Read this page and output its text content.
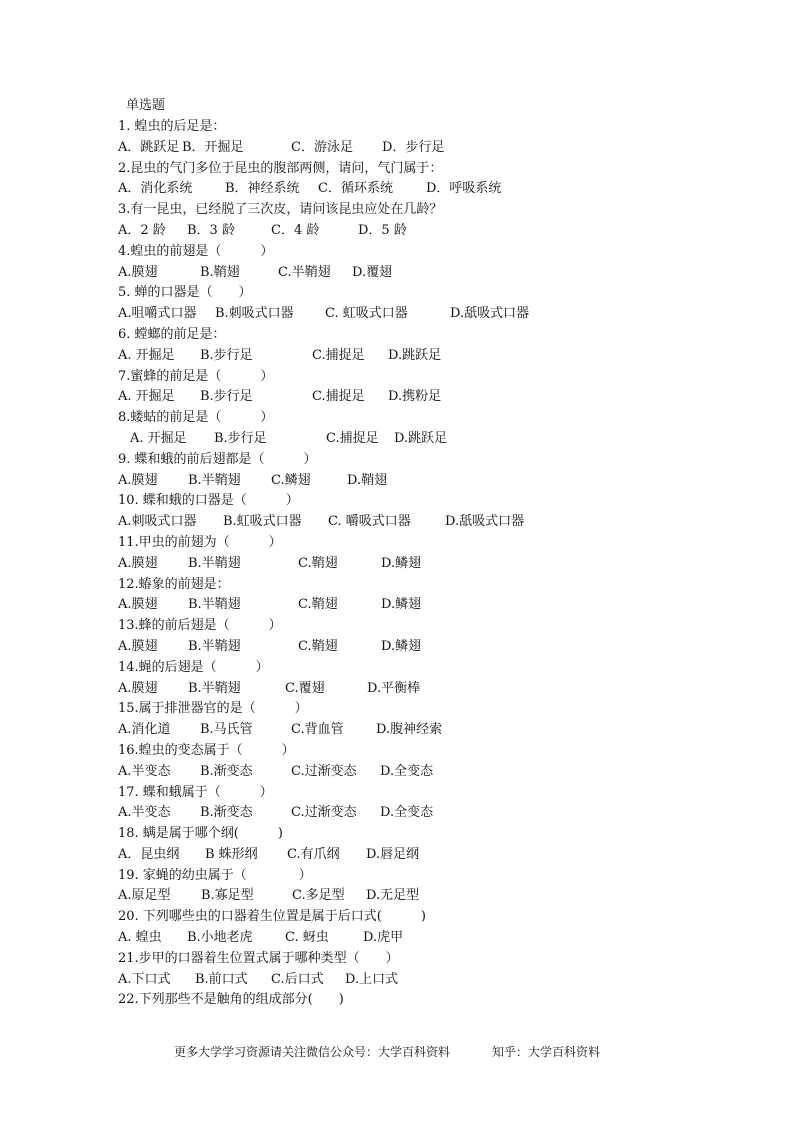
单选题
1. 蝗虫的后足是：
A．跳跃足 B．开掘足	C．游泳足 D．步行足
2.昆虫的气门多位于昆虫的腹部两侧，请问，气门属于：
A．消化系统	B．神经系统 C．循环系统	D．呼吸系统
3.有一昆虫，已经脱了三次皮，请问该昆虫应处在几龄？
A．2 龄 B．3 龄	C．4 龄	D．5 龄
4.蝗虫的前翅是（　　　）
A.膜翅	B.鞘翅	C.半鞘翅 D.覆翅
5. 蝉的口器是（　　）
A.咀嚼式口器 B.刺吸式口器 C. 虹吸式口器	D.舐吸式口器
6. 螳螂的前足是：
A. 开掘足 B.步行足	C.捕捉足 D.跳跃足
7.蜜蜂的前足是（　　　）
A. 开掘足 B.步行足	C.捕捉足 D.携粉足
8.蝼蛄的前足是（　　　）
A. 开掘足 B.步行足	C.捕捉足 D.跳跃足
9. 蝶和蛾的前后翅都是（　　　）
A.膜翅 B.半鞘翅 C.鳞翅	D.鞘翅
10. 蝶和蛾的口器是（　　　）
A.刺吸式口器 B.虹吸式口器 C. 嚼吸式口器	D.舐吸式口器
11.甲虫的前翅为（　　　）
A.膜翅 B.半鞘翅	C.鞘翅	D.鳞翅
12.蝽象的前翅是：
A.膜翅 B.半鞘翅	C.鞘翅	D.鳞翅
13.蜂的前后翅是（　　　）
A.膜翅 B.半鞘翅	C.鞘翅	D.鳞翅
14.蝇的后翅是（　　　）
A.膜翅 B.半鞘翅	C.覆翅	D.平衡棒
15.属于排泄器官的是（　　　）
A.消化道 B.马氏管	C.背血管 D.腹神经索
16.蝗虫的变态属于（　　　）
A.半变态 B.渐变态	C.过渐变态 D.全变态
17. 蝶和蛾属于（　　　）
A.半变态 B.渐变态	C.过渐变态 D.全变态
18. 螨是属于哪个纲(　　　)
A．昆虫纲 B 蛛形纲 C.有爪纲 D.唇足纲
19. 家蝇的幼虫属于（　　　　）
A.原足型 B.寡足型	C.多足型 D.无足型
20. 下列哪些虫的口器着生位置是属于后口式(　　　)
A. 蝗虫 B.小地老虎 C. 蚜虫	D.虎甲
21.步甲的口器着生位置式属于哪种类型（　　）
A.下口式 B.前口式 C.后口式 D.上口式
22.下列那些不是触角的组成部分(　　)
更多大学学习资源请关注微信公众号：大学百科资料	知乎：大学百科资料
